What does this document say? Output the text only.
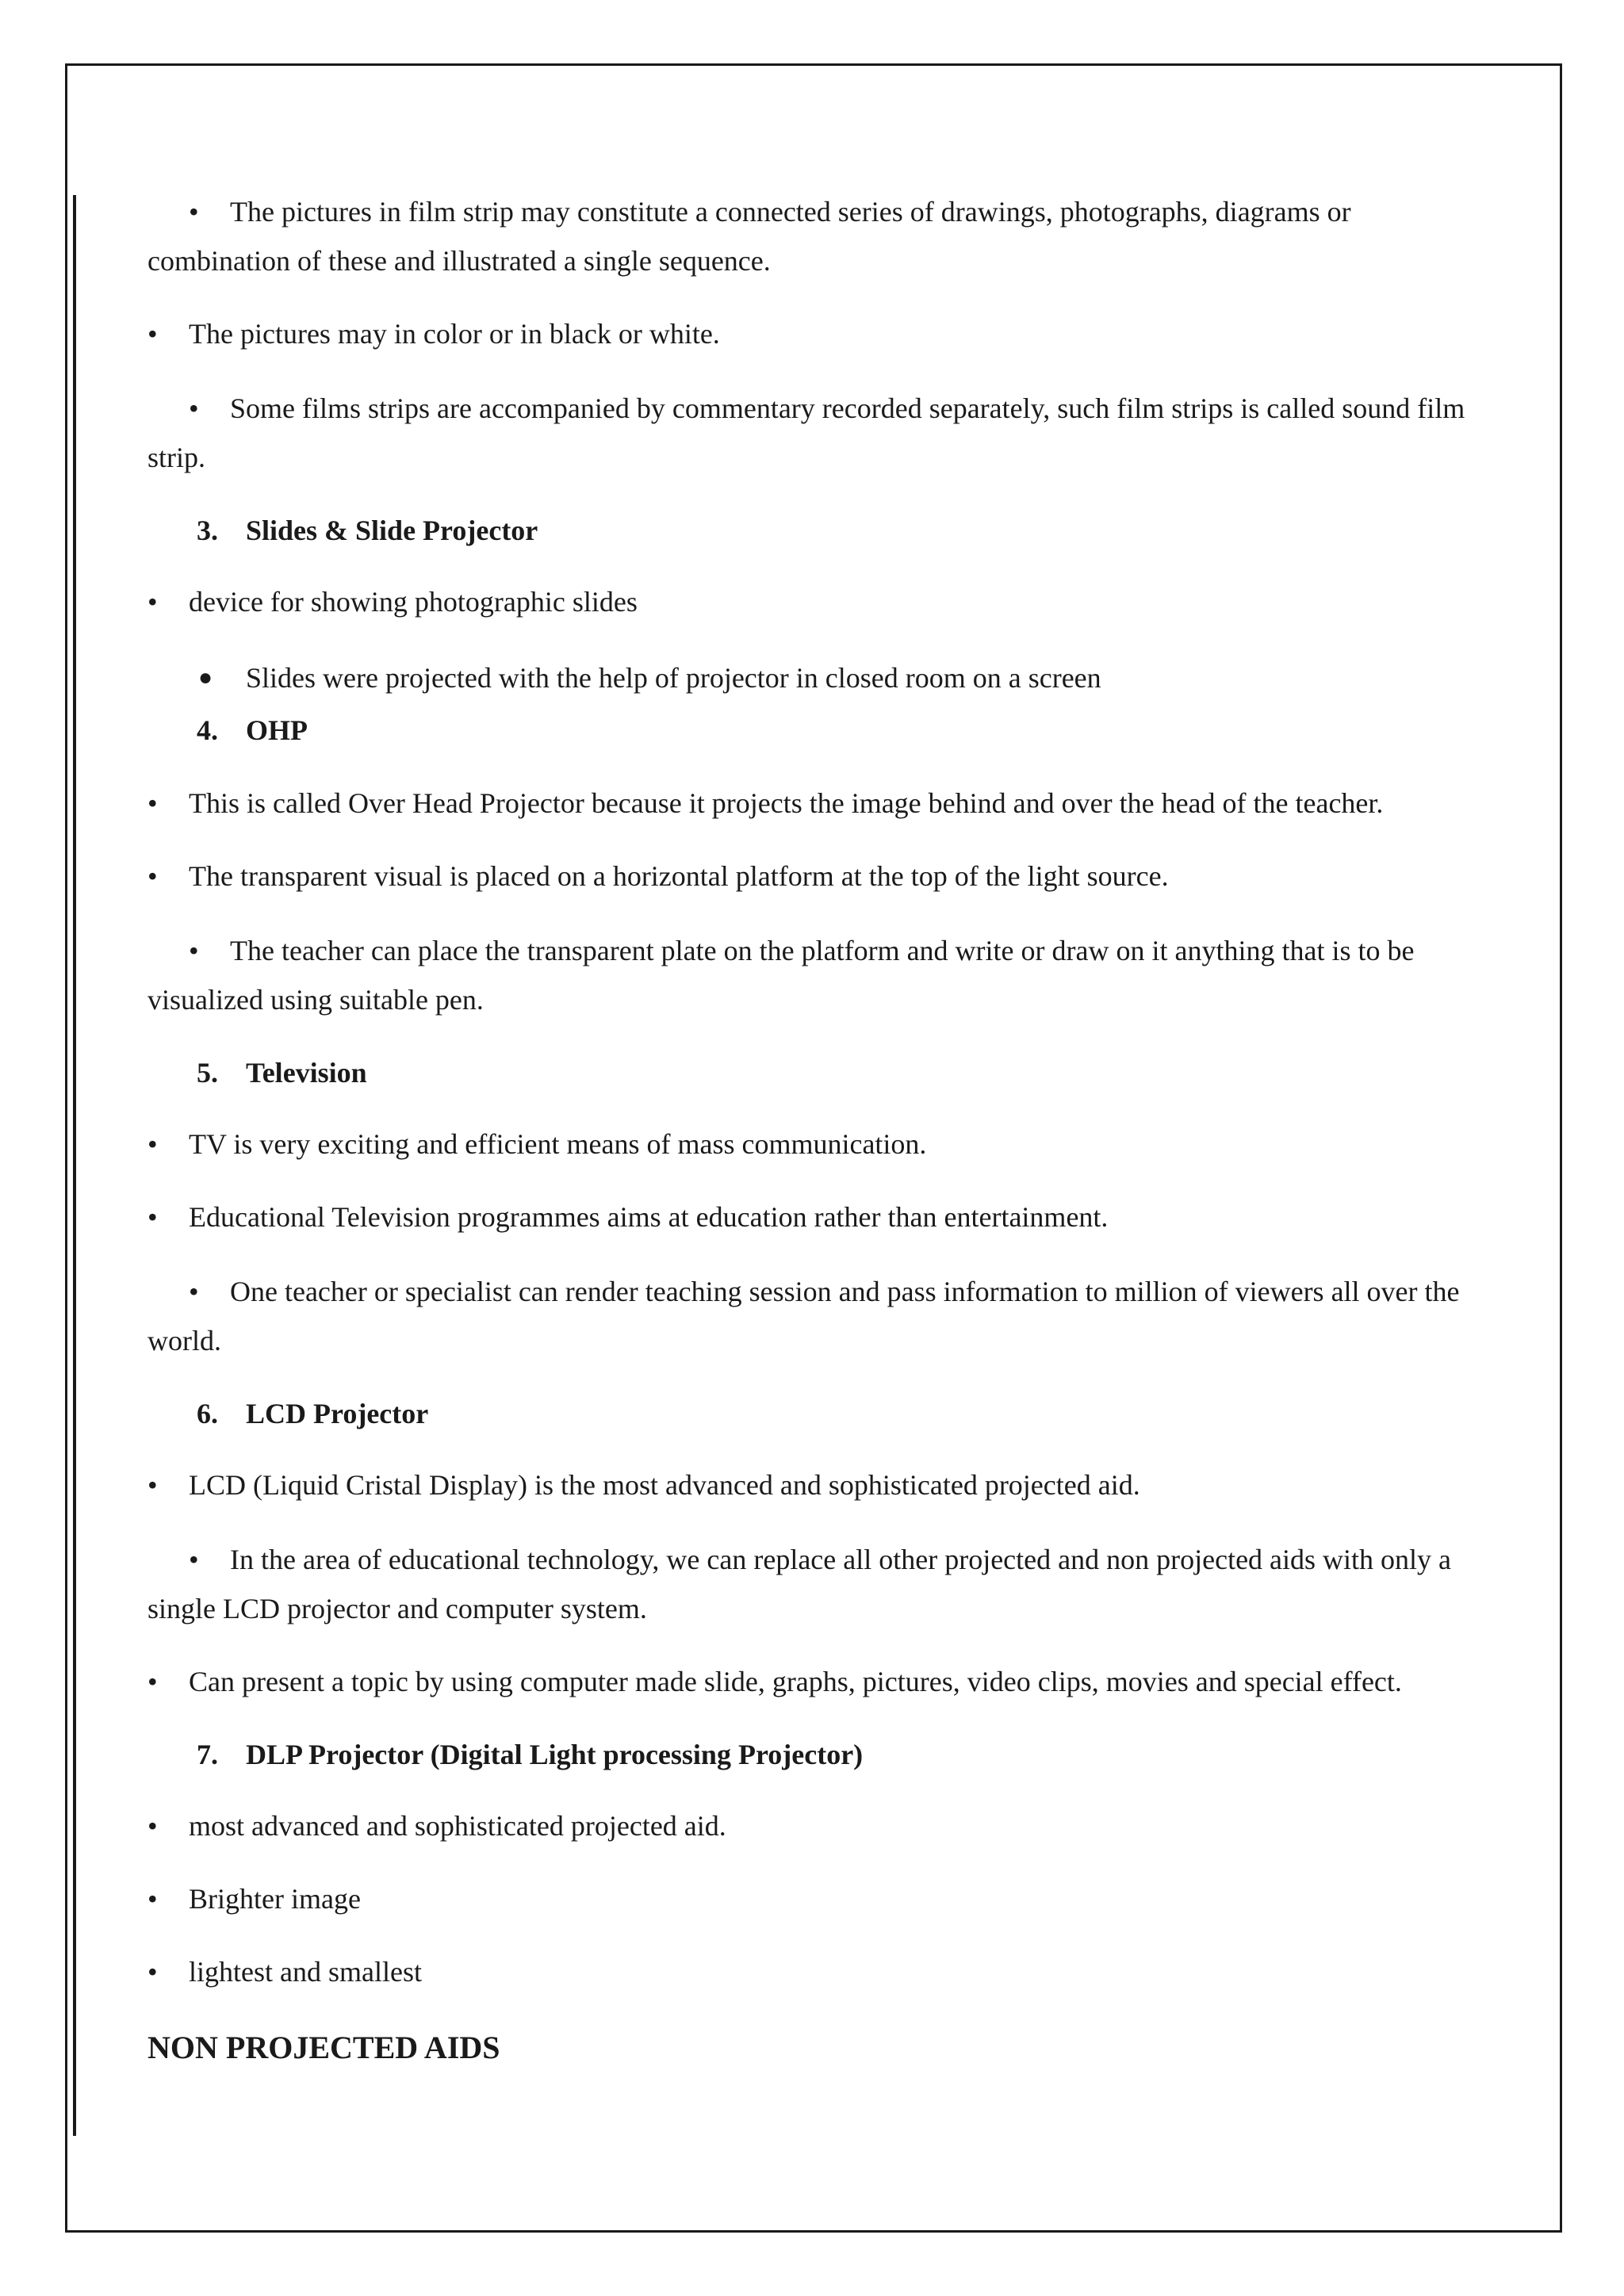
• The pictures in film strip may constitute a connected series of drawings, photographs, diagrams or combination of these and illustrated a single sequence.

• The pictures may in color or in black or white.

• Some films strips are accompanied by commentary recorded separately, such film strips is called sound film strip.

3. Slides & Slide Projector

• device for showing photographic slides

● Slides were projected with the help of projector in closed room on a screen

4. OHP

• This is called Over Head Projector because it projects the image behind and over the head of the teacher.

• The transparent visual is placed on a horizontal platform at the top of the light source.

• The teacher can place the transparent plate on the platform and write or draw on it anything that is to be visualized using suitable pen.

5. Television

• TV is very exciting and efficient means of mass communication.

• Educational Television programmes aims at education rather than entertainment.

• One teacher or specialist can render teaching session and pass information to million of viewers all over the world.

6. LCD Projector

• LCD (Liquid Cristal Display) is the most advanced and sophisticated projected aid.

• In the area of educational technology, we can replace all other projected and non projected aids with only a single LCD projector and computer system.

• Can present a topic by using computer made slide, graphs, pictures, video clips, movies and special effect.

7. DLP Projector (Digital Light processing Projector)

• most advanced and sophisticated projected aid.

• Brighter image

• lightest and smallest

NON PROJECTED AIDS
